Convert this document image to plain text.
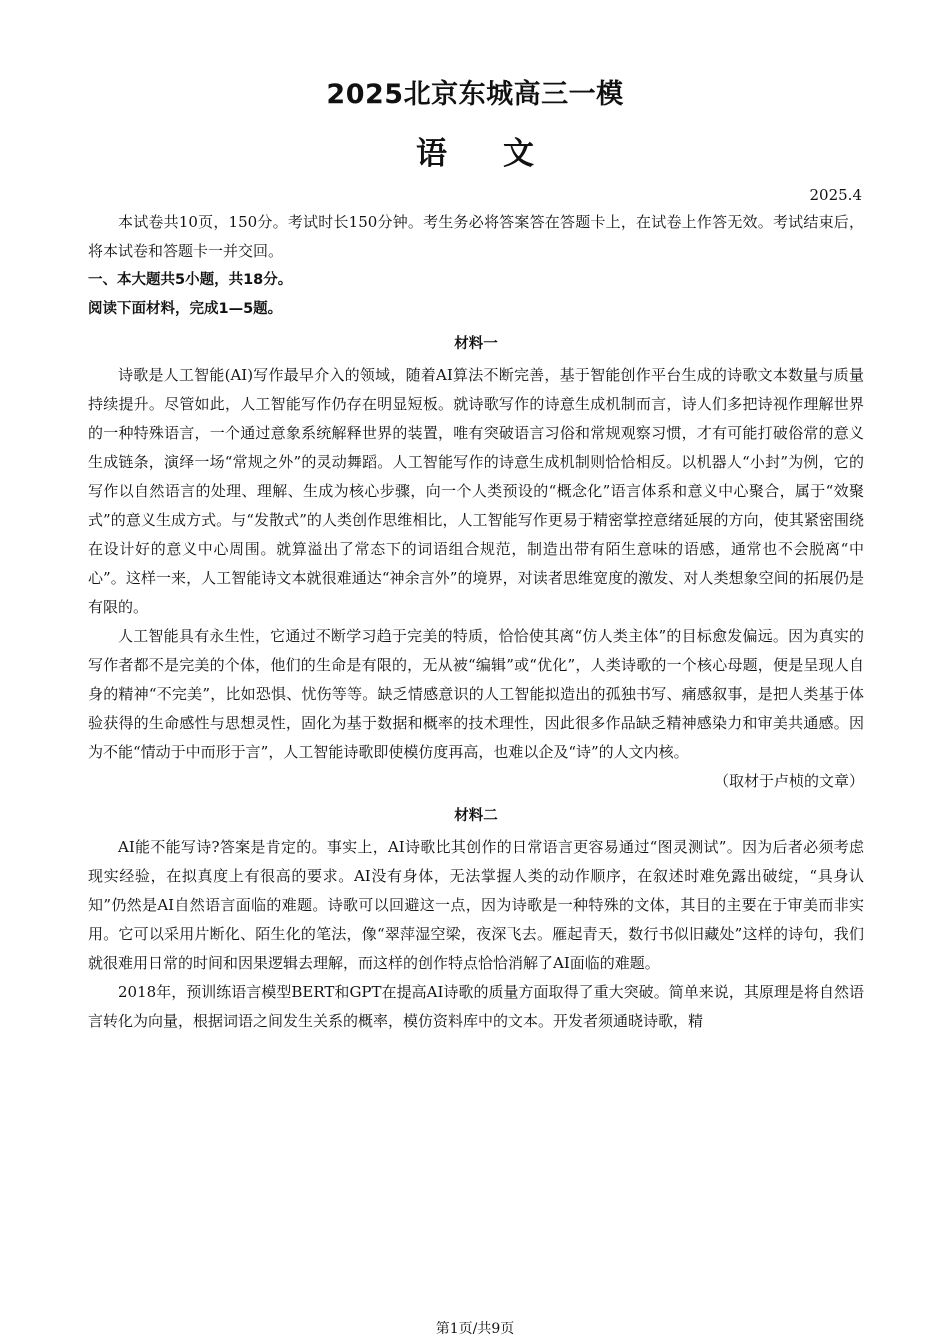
2025北京东城高三一模
语文
2025.4

本试卷共10页，150分。考试时长150分钟。考生务必将答案答在答题卡上，在试卷上作答无效。考试结束后，将本试卷和答题卡一并交回。

一、本大题共5小题，共18分。

阅读下面材料，完成1—5题。

材料一

诗歌是人工智能(AI)写作最早介入的领域，随着AI算法不断完善，基于智能创作平台生成的诗歌文本数量与质量持续提升。尽管如此，人工智能写作仍存在明显短板。就诗歌写作的诗意生成机制而言，诗人们多把诗视作理解世界的一种特殊语言，一个通过意象系统解释世界的装置，唯有突破语言习俗和常规观察习惯，才有可能打破俗常的意义生成链条，演绎一场“常规之外”的灵动舞蹈。人工智能写作的诗意生成机制则恰恰相反。以机器人“小封”为例，它的写作以自然语言的处理、理解、生成为核心步骤，向一个人类预设的“概念化”语言体系和意义中心聚合，属于“效聚式”的意义生成方式。与“发散式”的人类创作思维相比，人工智能写作更易于精密掌控意绪延展的方向，使其紧密围绕在设计好的意义中心周围。就算溢出了常态下的词语组合规范，制造出带有陌生意味的语感，通常也不会脱离“中心”。这样一来，人工智能诗文本就很难通达“神余言外”的境界，对读者思维宽度的激发、对人类想象空间的拓展仍是有限的。

人工智能具有永生性，它通过不断学习趋于完美的特质，恰恰使其离“仿人类主体”的目标愈发偏远。因为真实的写作者都不是完美的个体，他们的生命是有限的，无从被“编辑”或“优化”，人类诗歌的一个核心母题，便是呈现人自身的精神“不完美”，比如恐惧、忧伤等等。缺乏情感意识的人工智能拟造出的孤独书写、痛感叙事，是把人类基于体验获得的生命感性与思想灵性，固化为基于数据和概率的技术理性，因此很多作品缺乏精神感染力和审美共通感。因为不能“情动于中而形于言”，人工智能诗歌即使模仿度再高，也难以企及“诗”的人文内核。

（取材于卢桢的文章）

材料二

AI能不能写诗?答案是肯定的。事实上，AI诗歌比其创作的日常语言更容易通过“图灵测试”。因为后者必须考虑现实经验，在拟真度上有很高的要求。AI没有身体，无法掌握人类的动作顺序，在叙述时难免露出破绽，“具身认知”仍然是AI自然语言面临的难题。诗歌可以回避这一点，因为诗歌是一种特殊的文体，其目的主要在于审美而非实用。它可以采用片断化、陌生化的笔法，像“翠萍湿空梁，夜深飞去。雁起青天，数行书似旧藏处”这样的诗句，我们就很难用日常的时间和因果逻辑去理解，而这样的创作特点恰恰消解了AI面临的难题。

2018年，预训练语言模型BERT和GPT在提高AI诗歌的质量方面取得了重大突破。简单来说，其原理是将自然语言转化为向量，根据词语之间发生关系的概率，模仿资料库中的文本。开发者须通晓诗歌，精

第1页/共9页
